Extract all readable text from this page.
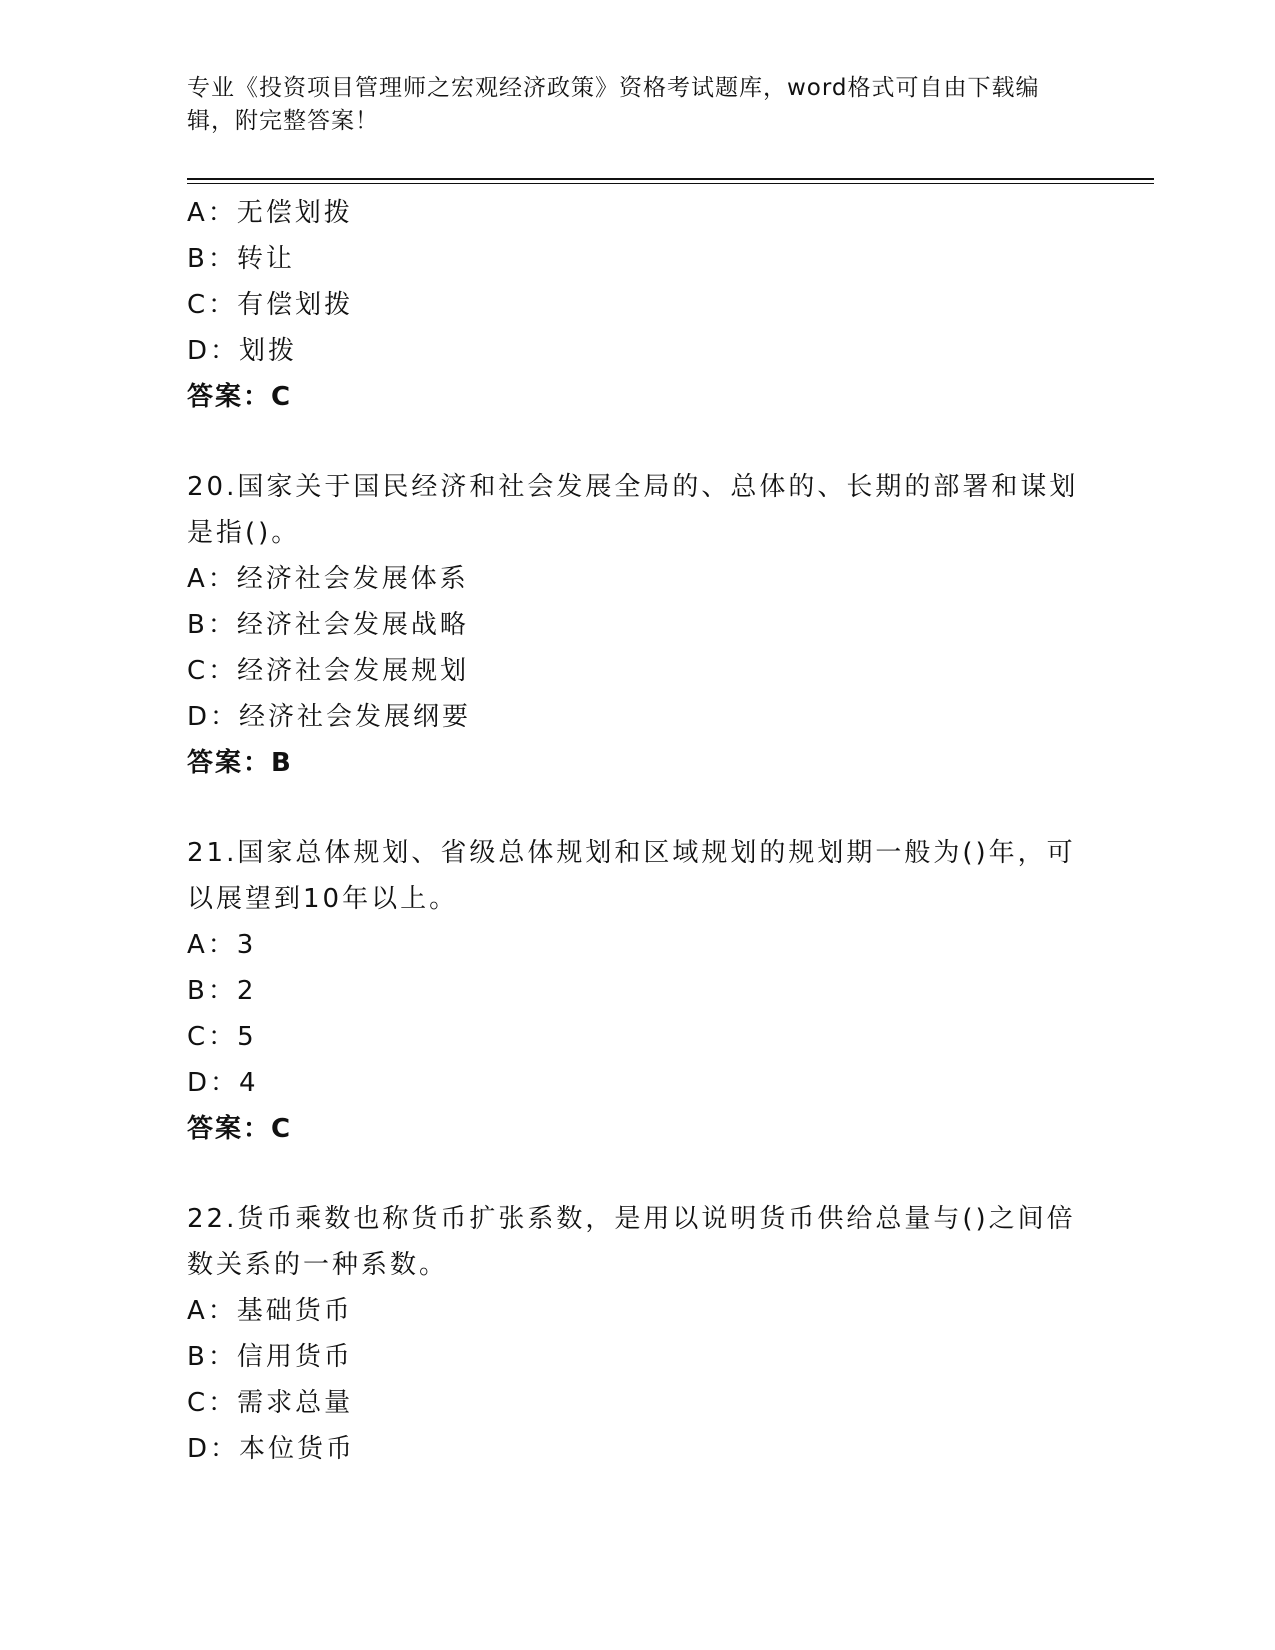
专业《投资项目管理师之宏观经济政策》资格考试题库，word格式可自由下载编辑，附完整答案！
A：无偿划拨
B：转让
C：有偿划拨
D：划拨
答案：C
20.国家关于国民经济和社会发展全局的、总体的、长期的部署和谋划是指()。
A：经济社会发展体系
B：经济社会发展战略
C：经济社会发展规划
D：经济社会发展纲要
答案：B
21.国家总体规划、省级总体规划和区域规划的规划期一般为()年，可以展望到10年以上。
A：3
B：2
C：5
D：4
答案：C
22.货币乘数也称货币扩张系数，是用以说明货币供给总量与()之间倍数关系的一种系数。
A：基础货币
B：信用货币
C：需求总量
D：本位货币
